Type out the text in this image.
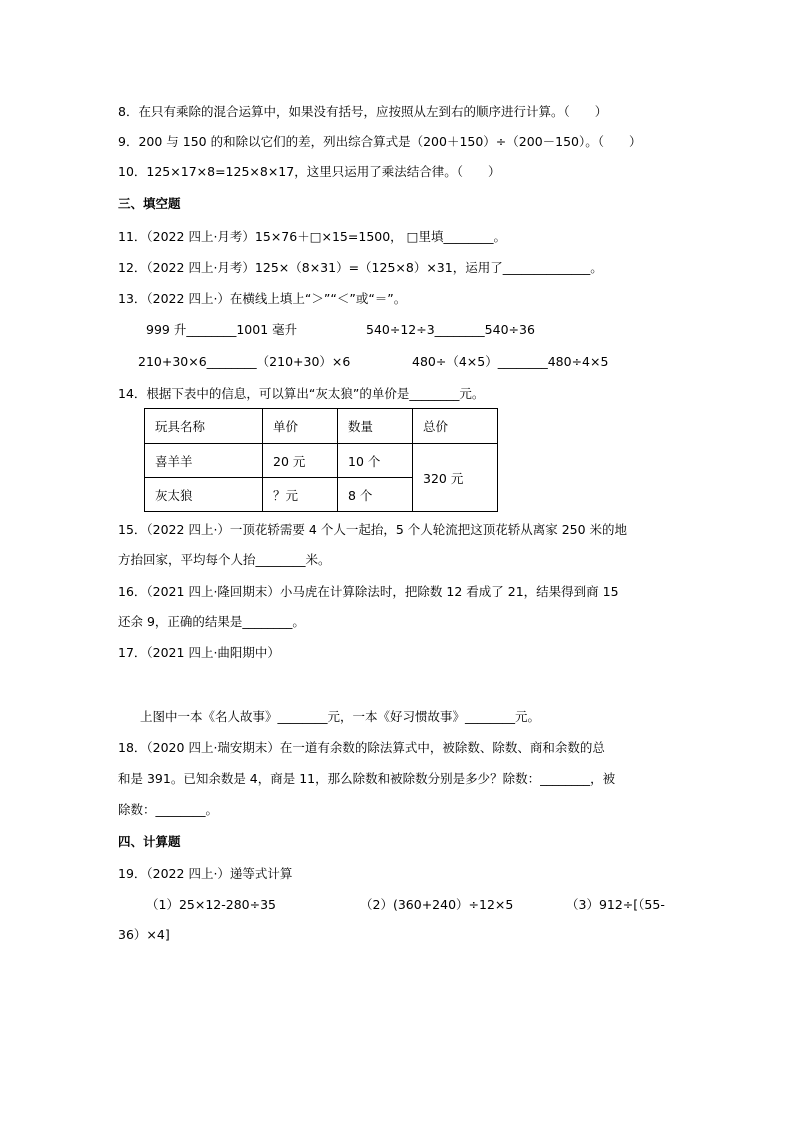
8．在只有乘除的混合运算中，如果没有括号，应按照从左到右的顺序进行计算。（　　）
9．200 与 150 的和除以它们的差，列出综合算式是（200＋150）÷（200－150）。（　　）
10．125×17×8=125×8×17，这里只运用了乘法结合律。（　　）
三、填空题
11．（2022 四上·月考）15×76＋□×15=1500， □里填________。
12．（2022 四上·月考）125×（8×31）=（125×8）×31，运用了______________。
13．（2022 四上·）在横线上填上“＞”“＜”或“＝”。
999 升________1001 毫升	540÷12÷3________540÷36
210+30×6________（210+30）×6	480÷（4×5）________480÷4×5
14．根据下表中的信息，可以算出“灰太狼”的单价是________元。
玩具名称	单价	数量	总价
喜羊羊	20 元	10 个	320 元
灰太狼	？元	8 个	
15．（2022 四上·）一顶花轿需要 4 个人一起抬，5 个人轮流把这顶花轿从离家 250 米的地
方抬回家，平均每个人抬________米。
16．（2021 四上·隆回期末）小马虎在计算除法时，把除数 12 看成了 21，结果得到商 15
还余 9，正确的结果是________。
17．（2021 四上·曲阳期中）
上图中一本《名人故事》________元，一本《好习惯故事》________元。
18．（2020 四上·瑞安期末）在一道有余数的除法算式中，被除数、除数、商和余数的总
和是 391。已知余数是 4，商是 11，那么除数和被除数分别是多少？除数：________，被
除数：________。
四、计算题
19．（2022 四上·）递等式计算
（1）25×12-280÷35	（2）(360+240）÷12×5	（3）912÷[（55-
36）×4]
